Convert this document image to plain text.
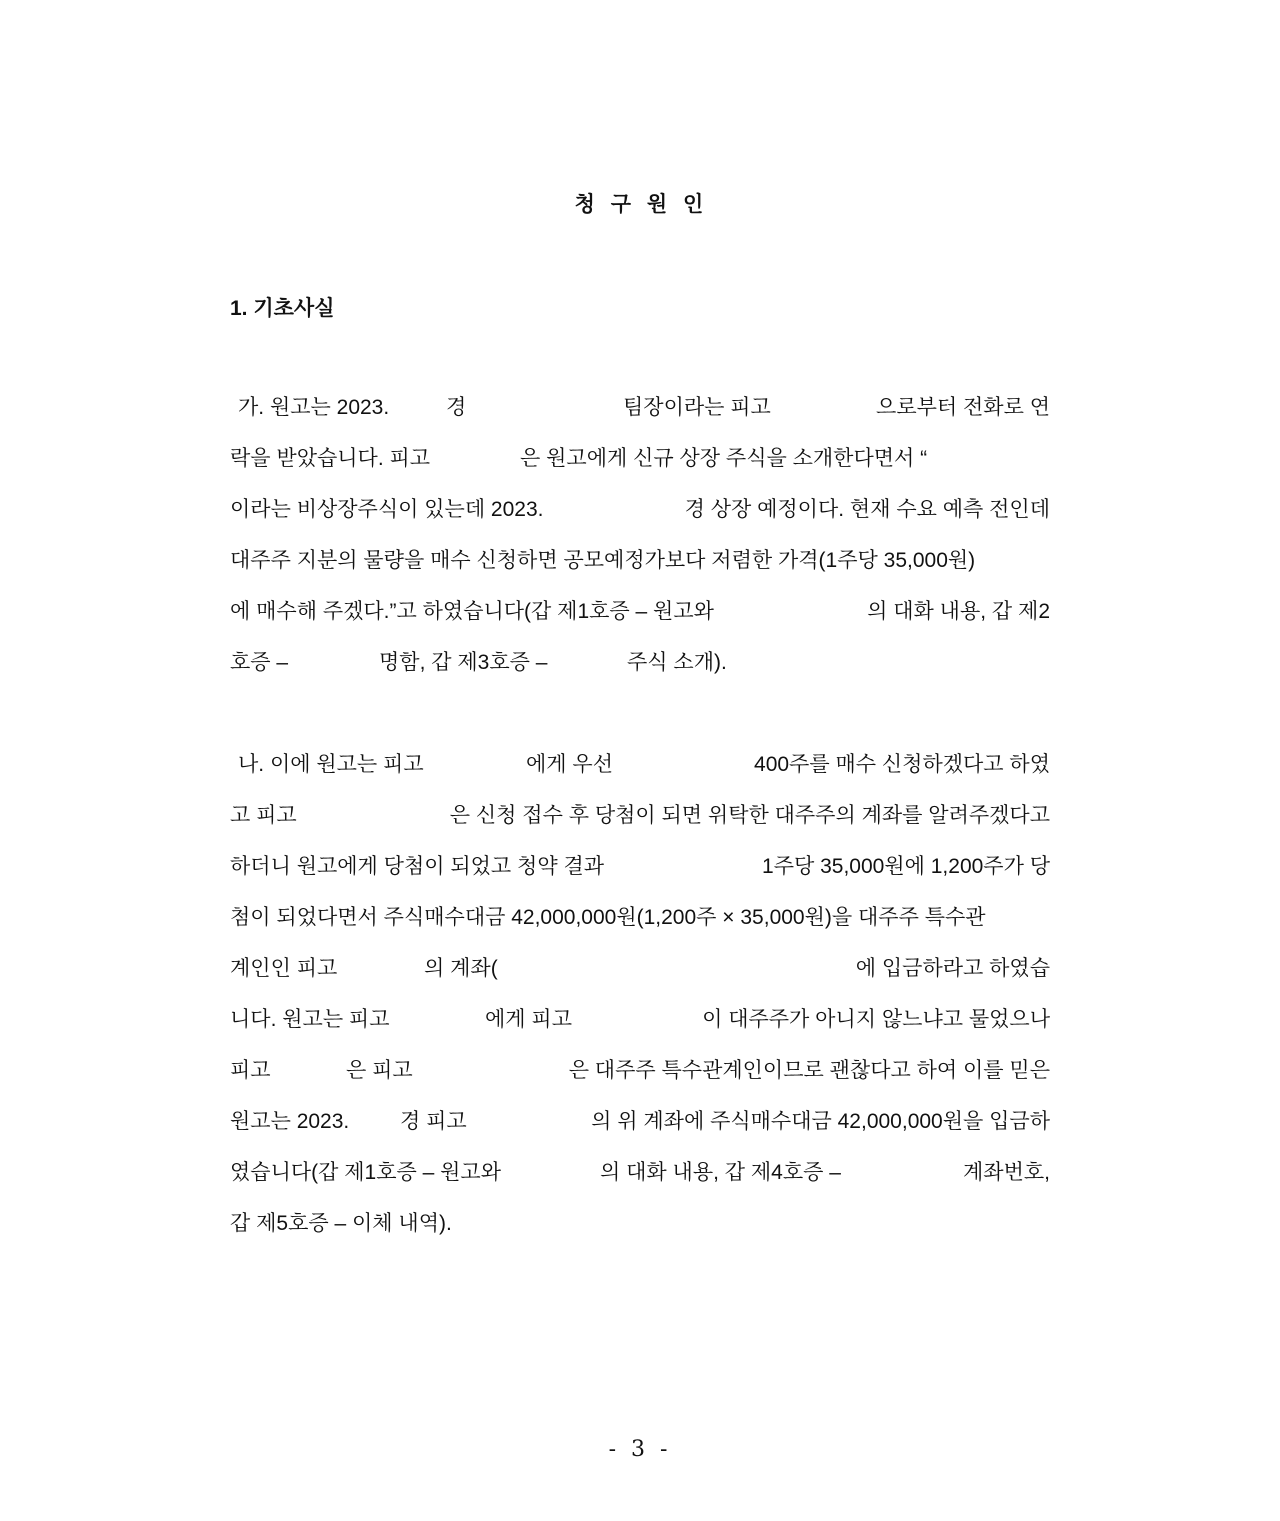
청 구 원 인
1. 기초사실
가. 원고는 2023.	경	팀장이라는 피고	으로부터 전화로 연
락을 받았습니다. 피고	은 원고에게 신규 상장 주식을 소개한다면서 “
이라는 비상장주식이 있는데 2023.	경 상장 예정이다. 현재 수요 예측 전인데
대주주 지분의 물량을 매수 신청하면 공모예정가보다 저렴한 가격(1주당 35,000원)
에 매수해 주겠다.”고 하였습니다(갑 제1호증 – 원고와	의 대화 내용, 갑 제2
호증 –	명함, 갑 제3호증 –	주식 소개).
나. 이에 원고는 피고	에게 우선	400주를 매수 신청하겠다고 하였
고 피고	은 신청 접수 후 당첨이 되면 위탁한 대주주의 계좌를 알려주겠다고
하더니 원고에게 당첨이 되었고 청약 결과	1주당 35,000원에 1,200주가 당
첨이 되었다면서 주식매수대금 42,000,000원(1,200주 × 35,000원)을 대주주 특수관
계인인 피고	의 계좌(	에 입금하라고 하였습
니다. 원고는 피고	에게 피고	이 대주주가 아니지 않느냐고 물었으나
피고	은 피고	은 대주주 특수관계인이므로 괜찮다고 하여 이를 믿은
원고는 2023. 경 피고	의 위 계좌에 주식매수대금 42,000,000원을 입금하
였습니다(갑 제1호증 – 원고와	의 대화 내용, 갑 제4호증 –	계좌번호,
갑 제5호증 – 이체 내역).
- 3 -
